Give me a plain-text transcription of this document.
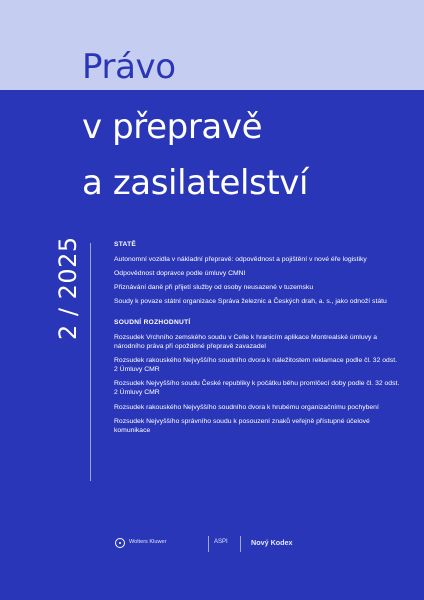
Právo
v přepravě
a zasilatelství
2 / 2025	STATĚ
Autonomní vozidla v nákladní přepravě: odpovědnost a pojištění v nové éře logistiky
Odpovědnost dopravce podle úmluvy CMNI
Přiznávání daně při přijetí služby od osoby neusazené v tuzemsku
Soudy k povaze státní organizace Správa železnic a Českých drah, a. s., jako odnoží státu
SOUDNÍ ROZHODNUTÍ
Rozsudek Vrchního zemského soudu v Celle k hranicím aplikace Montrealské úmluvy a národního práva při opožděné přepravě zavazadel
Rozsudek rakouského Nejvyššího soudního dvora k náležitostem reklamace podle čl. 32 odst. 2 Úmluvy CMR
Rozsudek Nejvyššího soudu České republiky k počátku běhu promlčecí doby podle čl. 32 odst. 2 Úmluvy CMR
Rozsudek rakouského Nejvyššího soudního dvora k hrubému organizačnímu pochybení
Rozsudek Nejvyššího správního soudu k posouzení znaků veřejně přístupné účelové komunikace
Wolters Kluwer	ASPI	Nový Kodex
